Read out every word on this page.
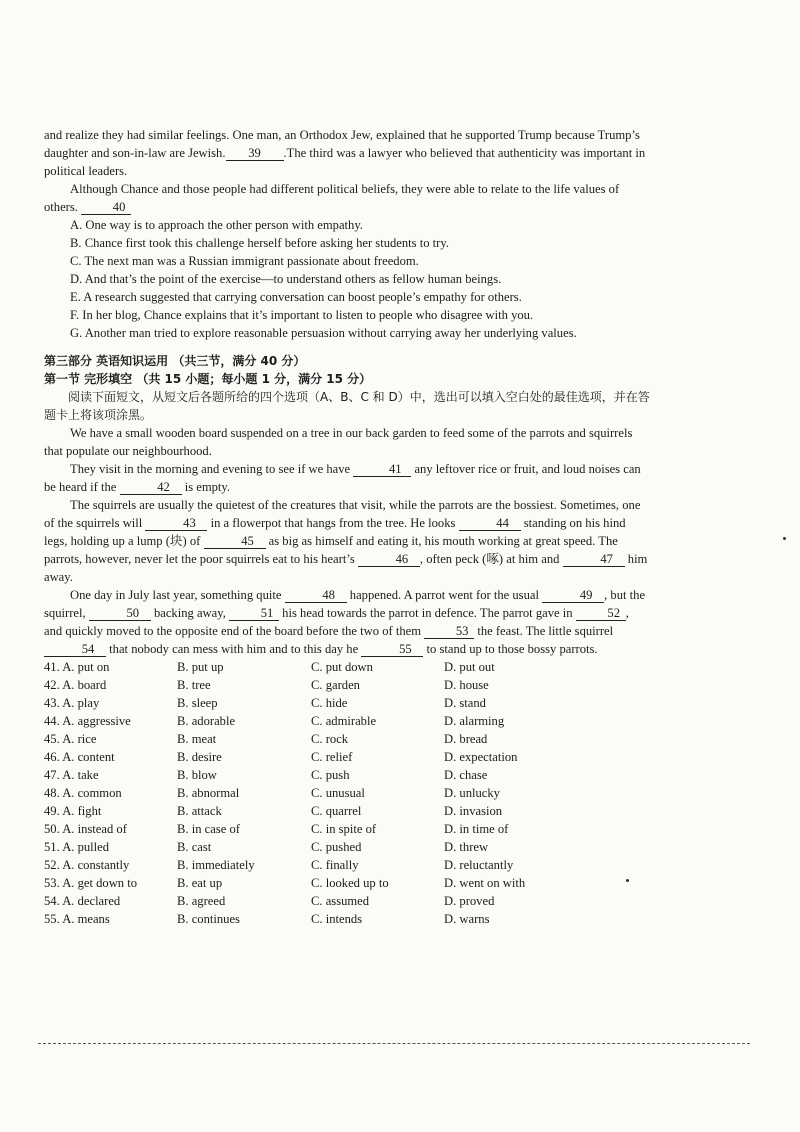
and realize they had similar feelings. One man, an Orthodox Jew, explained that he supported Trump because Trump’s daughter and son-in-law are Jewish. 39 .The third was a lawyer who believed that authenticity was important in political leaders.

Although Chance and those people had different political beliefs, they were able to relate to the life values of others.	40

A. One way is to approach the other person with empathy.

B. Chance first took this challenge herself before asking her students to try.

C. The next man was a Russian immigrant passionate about freedom.

D. And that’s the point of the exercise—to understand others as fellow human beings.

E. A research suggested that carrying conversation can boost people’s empathy for others.

F. In her blog, Chance explains that it’s important to listen to people who disagree with you.

G. Another man tried to explore reasonable persuasion without carrying away her underlying values.

第三部分 英语知识运用 （共三节，满分 40 分）
第一节 完形填空 （共 15 小题；每小题 1 分，满分 15 分）
阅读下面短文，从短文后各题所给的四个选项（A、B、C 和 D）中，选出可以填入空白处的最佳选项，并在答题卡上将该项涂黑。

We have a small wooden board suspended on a tree in our back garden to feed some of the parrots and squirrels that populate our neighbourhood.

They visit in the morning and evening to see if we have	41 any leftover rice or fruit, and loud noises can be heard if the	42 is empty.

The squirrels are usually the quietest of the creatures that visit, while the parrots are the bossiest. Sometimes, one of the squirrels will	43 in a flowerpot that hangs from the tree. He looks	44 standing on his hind legs, holding up a lump (块) of	45 as big as himself and eating it, his mouth working at great speed. The parrots, however, never let the poor squirrels eat to his heart’s	46 , often peck (啄) at him and	47 him away.

One day in July last year, something quite	48 happened. A parrot went for the usual	49 , but the squirrel,	50 backing away,	51 his head towards the parrot in defence. The parrot gave in	52 , and quickly moved to the opposite end of the board before the two of them	53 the feast. The little squirrel 54 that nobody can mess with him and to this day he	55 to stand up to those bossy parrots.

41. A. put on	B. put up	C. put down	D. put out
42. A. board	B. tree	C. garden	D. house
43. A. play	B. sleep	C. hide	D. stand
44. A. aggressive	B. adorable	C. admirable	D. alarming
45. A. rice	B. meat	C. rock	D. bread
46. A. content	B. desire	C. relief	D. expectation
47. A. take	B. blow	C. push	D. chase
48. A. common	B. abnormal	C. unusual	D. unlucky
49. A. fight	B. attack	C. quarrel	D. invasion
50. A. instead of	B. in case of	C. in spite of	D. in time of
51. A. pulled	B. cast	C. pushed	D. threw
52. A. constantly	B. immediately	C. finally	D. reluctantly
53. A. get down to	B. eat up	C. looked up to	D. went on with
54. A. declared	B. agreed	C. assumed	D. proved
55. A. means	B. continues	C. intends	D. warns
